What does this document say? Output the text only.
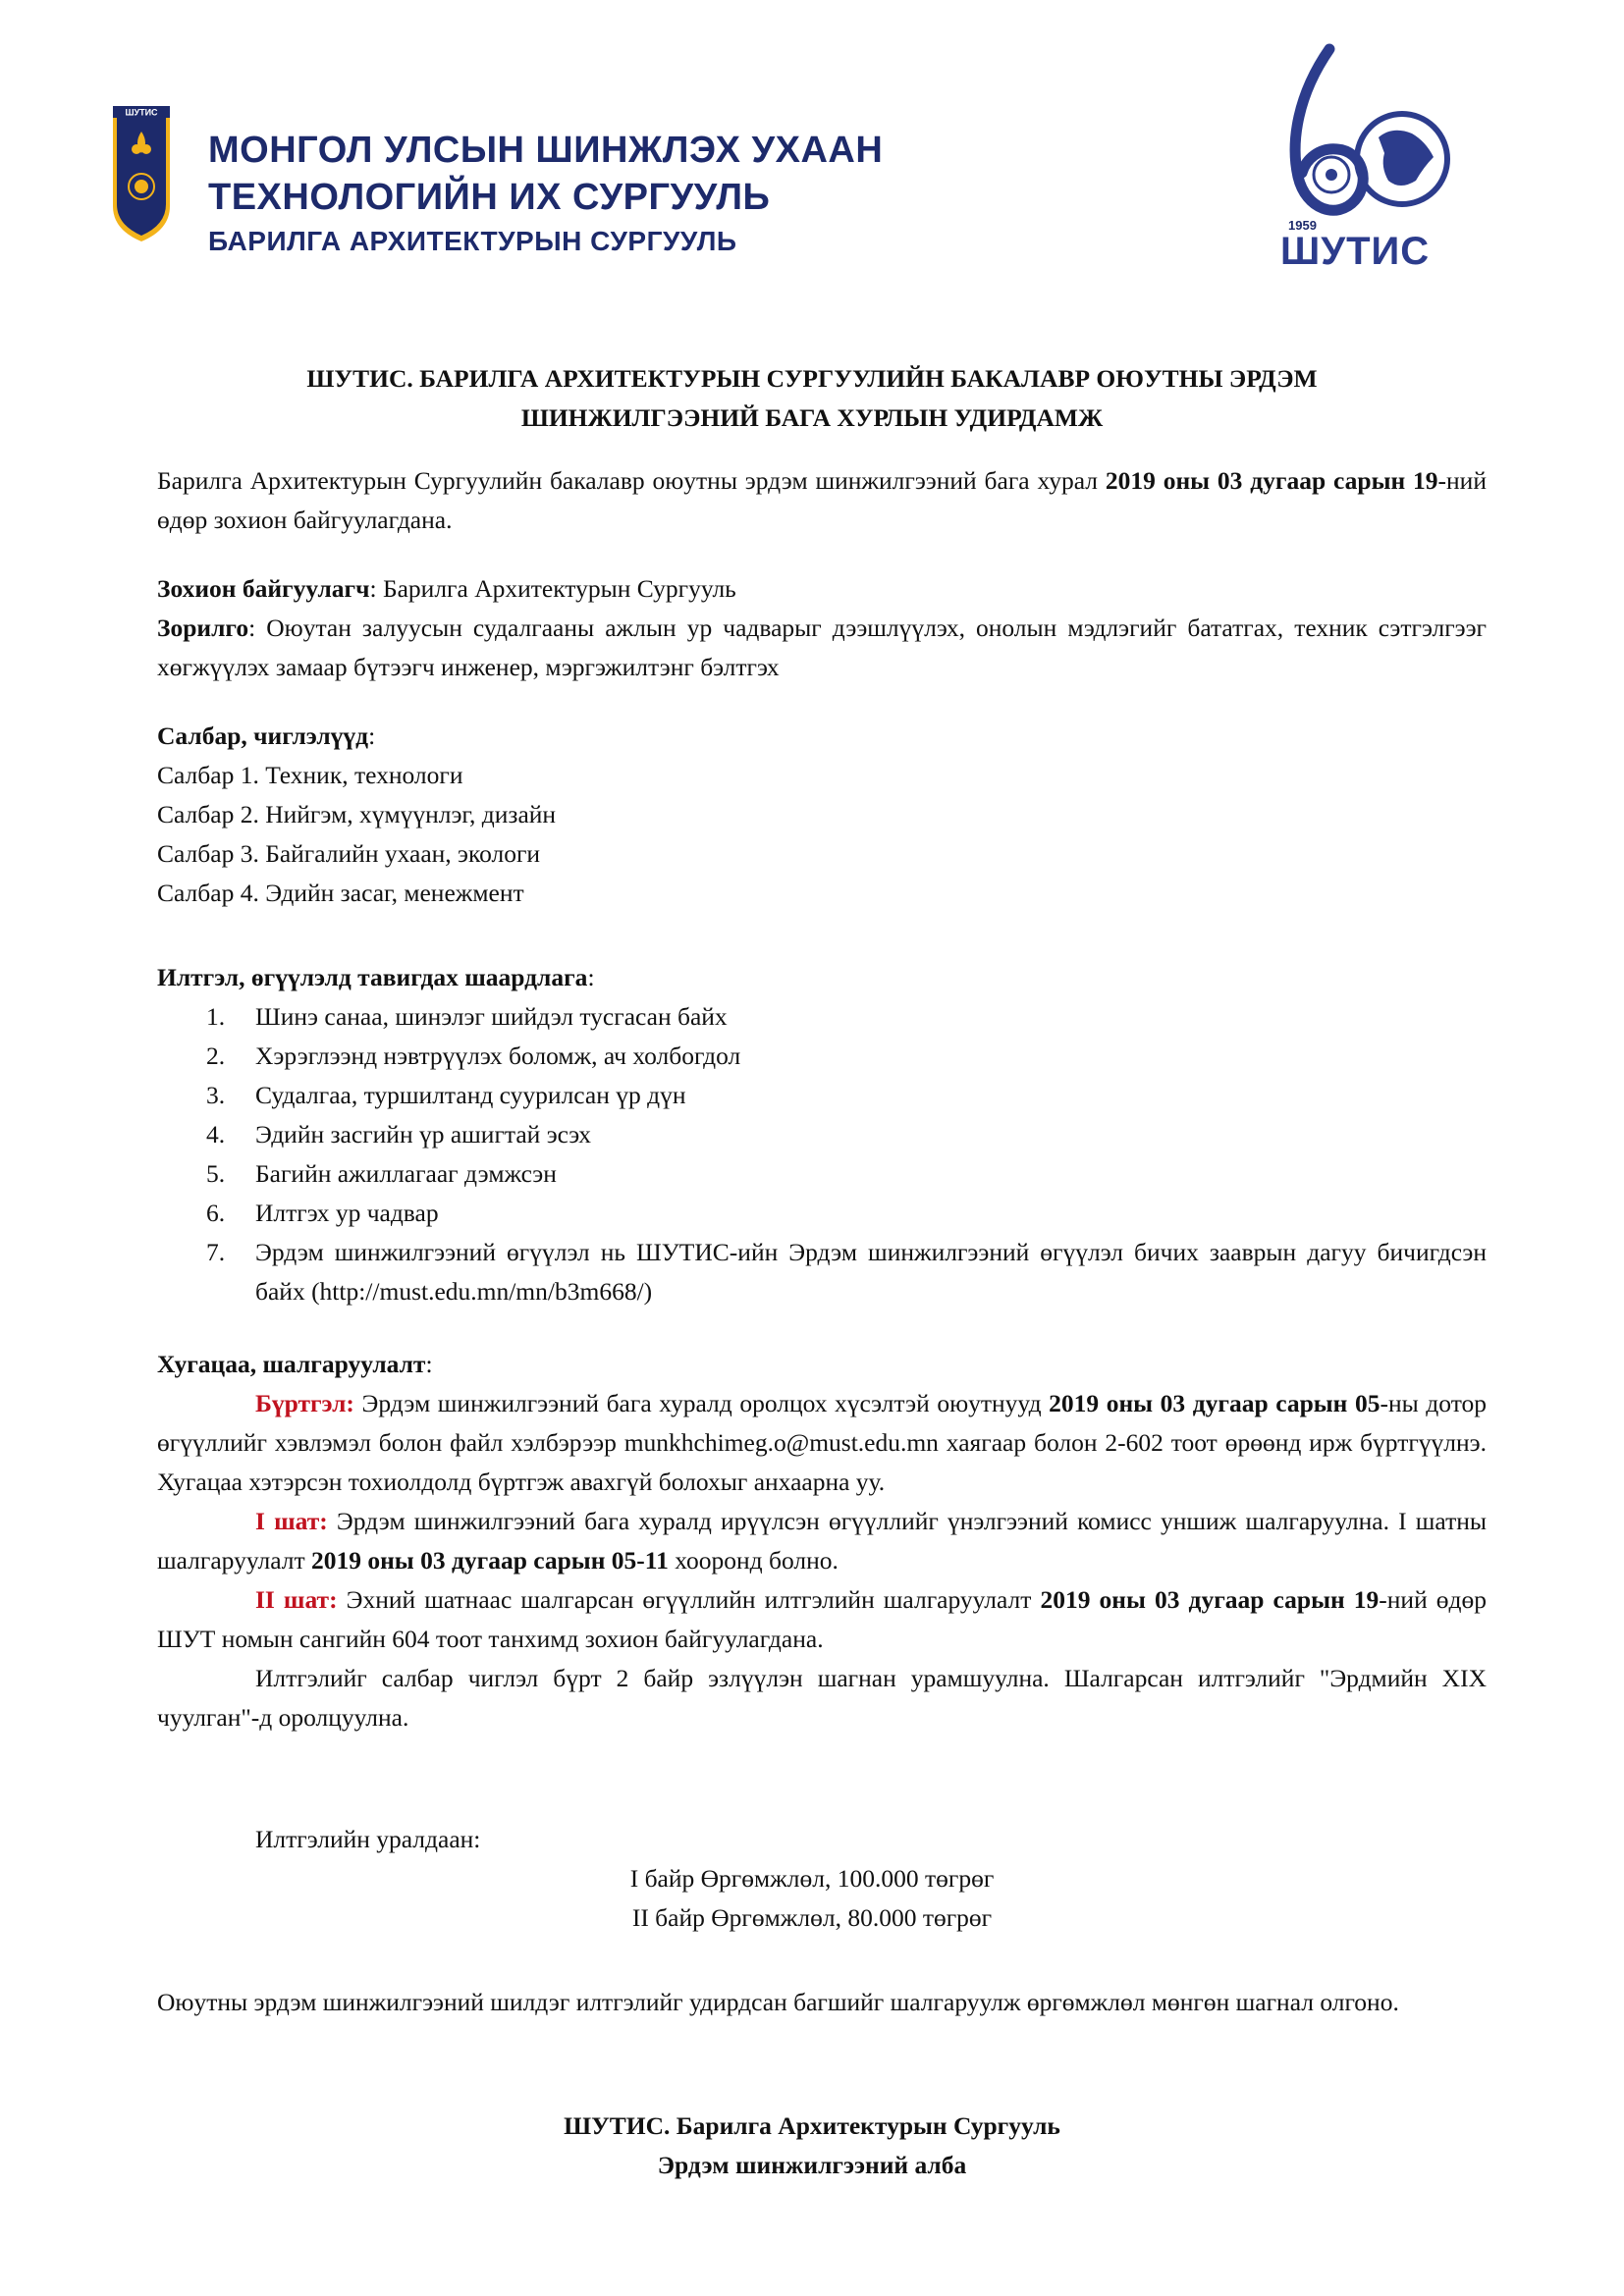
ШУТИС
МОНГОЛ УЛСЫН ШИНЖЛЭХ УХААН
ТЕХНОЛОГИЙН ИХ СУРГУУЛЬ
БАРИЛГА АРХИТЕКТУРЫН СУРГУУЛЬ
1959
ШУТИС
ШУТИС. БАРИЛГА АРХИТЕКТУРЫН СУРГУУЛИЙН БАКАЛАВР ОЮУТНЫ ЭРДЭМ
ШИНЖИЛГЭЭНИЙ БАГА ХУРЛЫН УДИРДАМЖ

Барилга Архитектурын Сургуулийн бакалавр оюутны эрдэм шинжилгээний бага хурал 2019 оны 03 дугаар сарын 19-ний өдөр зохион байгуулагдана.

Зохион байгуулагч: Барилга Архитектурын Сургууль

Зорилго: Оюутан залуусын судалгааны ажлын ур чадварыг дээшлүүлэх, онолын мэдлэгийг бататгах, техник сэтгэлгээг хөгжүүлэх замаар бүтээгч инженер, мэргэжилтэнг бэлтгэх

Салбар, чиглэлүүд:

Салбар 1. Техник, технологи

Салбар 2. Нийгэм, хүмүүнлэг, дизайн

Салбар 3. Байгалийн ухаан, экологи

Салбар 4. Эдийн засаг, менежмент

Илтгэл, өгүүлэлд тавигдах шаардлага:

1. Шинэ санаа, шинэлэг шийдэл тусгасан байх
2. Хэрэглээнд нэвтрүүлэх боломж, ач холбогдол
3. Судалгаа, туршилтанд суурилсан үр дүн
4. Эдийн засгийн үр ашигтай эсэх
5. Багийн ажиллагааг дэмжсэн
6. Илтгэх ур чадвар
7. Эрдэм шинжилгээний өгүүлэл нь ШУТИС-ийн Эрдэм шинжилгээний өгүүлэл бичих зааврын дагуу бичигдсэн байх (http://must.edu.mn/mn/b3m668/)

Хугацаа, шалгаруулалт:

Бүртгэл: Эрдэм шинжилгээний бага хуралд оролцох хүсэлтэй оюутнууд 2019 оны 03 дугаар сарын 05-ны дотор өгүүллийг хэвлэмэл болон файл хэлбэрээр munkhchimeg.o@must.edu.mn хаягаар болон 2-602 тоот өрөөнд ирж бүртгүүлнэ. Хугацаа хэтэрсэн тохиолдолд бүртгэж авахгүй болохыг анхаарна уу.

I шат: Эрдэм шинжилгээний бага хуралд ирүүлсэн өгүүллийг үнэлгээний комисс уншиж шалгаруулна. I шатны шалгаруулалт 2019 оны 03 дугаар сарын 05-11 хооронд болно.

II шат: Эхний шатнаас шалгарсан өгүүллийн илтгэлийн шалгаруулалт 2019 оны 03 дугаар сарын 19-ний өдөр ШУТ номын сангийн 604 тоот танхимд зохион байгуулагдана.

Илтгэлийг салбар чиглэл бүрт 2 байр эзлүүлэн шагнан урамшуулна. Шалгарсан илтгэлийг "Эрдмийн XIX чуулган"-д оролцуулна.

Илтгэлийн уралдаан:

I байр Өргөмжлөл, 100.000 төгрөг
II байр Өргөмжлөл, 80.000 төгрөг

Оюутны эрдэм шинжилгээний шилдэг илтгэлийг удирдсан багшийг шалгаруулж өргөмжлөл мөнгөн шагнал олгоно.

ШУТИС. Барилга Архитектурын Сургууль
Эрдэм шинжилгээний алба
